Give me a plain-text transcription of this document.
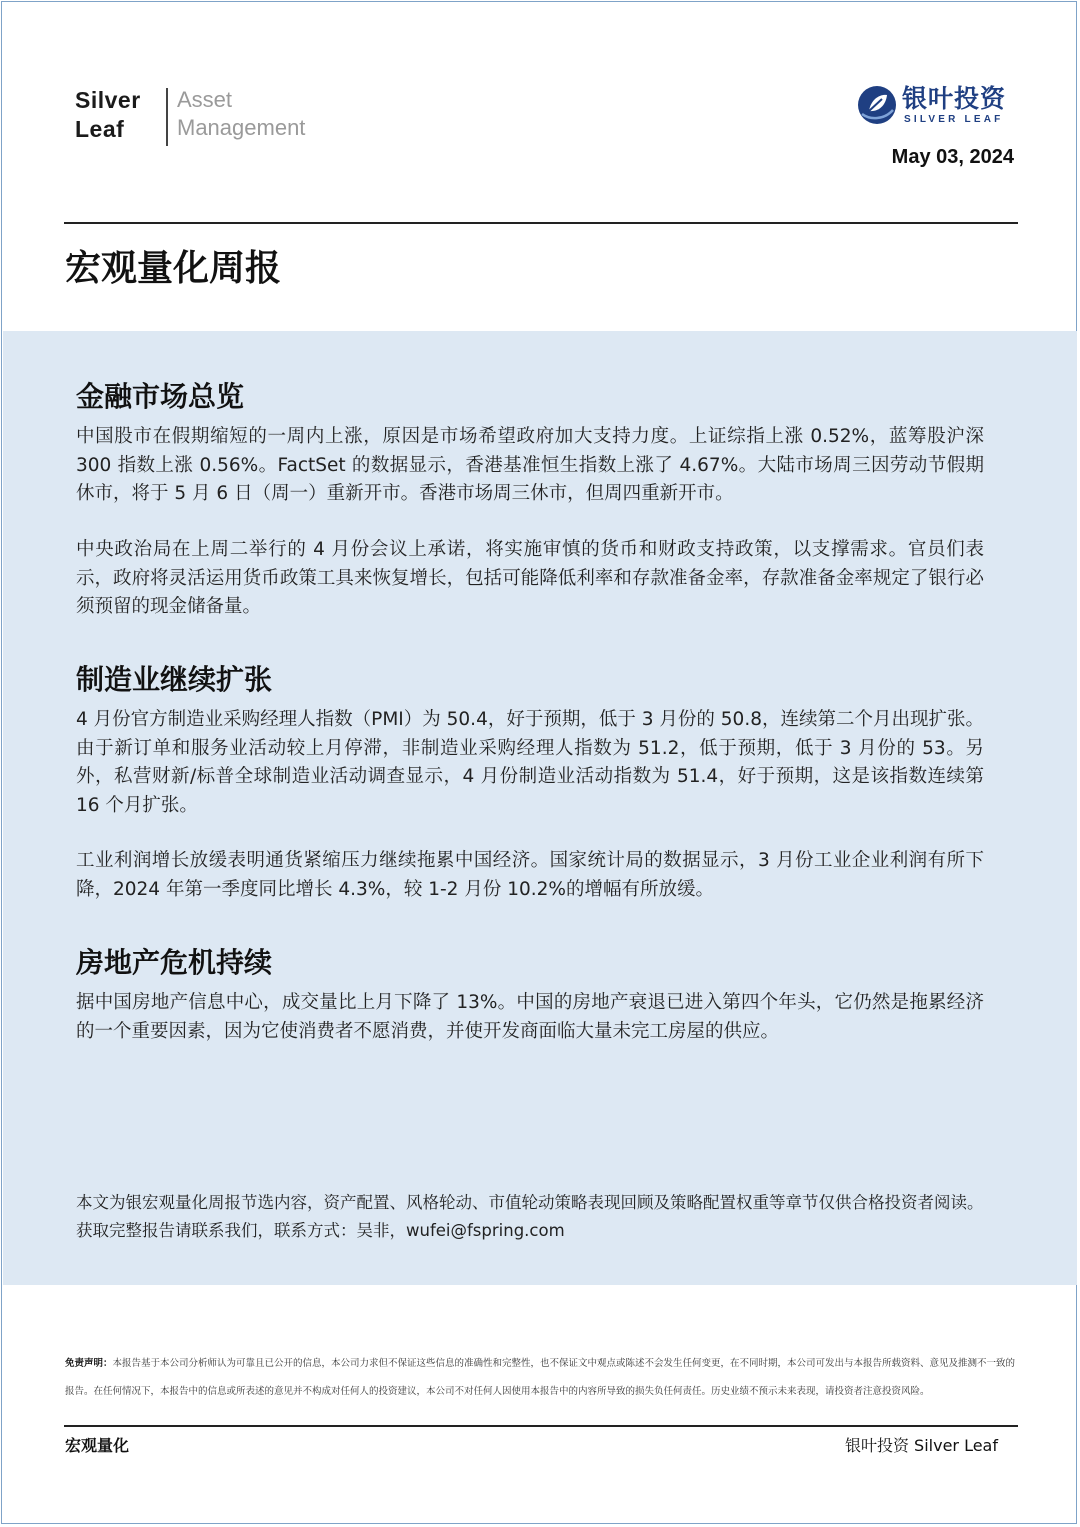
Silver
Leaf
Asset
Management
银叶投资
SILVER LEAF
May 03, 2024
宏观量化周报
金融市场总览
中国股市在假期缩短的一周内上涨，原因是市场希望政府加大支持力度。上证综指上涨 0.52%，蓝筹股沪深 300 指数上涨 0.56%。FactSet 的数据显示，香港基准恒生指数上涨了 4.67%。大陆市场周三因劳动节假期休市，将于 5 月 6 日（周一）重新开市。香港市场周三休市，但周四重新开市。
中央政治局在上周二举行的 4 月份会议上承诺，将实施审慎的货币和财政支持政策，以支撑需求。官员们表示，政府将灵活运用货币政策工具来恢复增长，包括可能降低利率和存款准备金率，存款准备金率规定了银行必须预留的现金储备量。
制造业继续扩张
4 月份官方制造业采购经理人指数（PMI）为 50.4，好于预期，低于 3 月份的 50.8，连续第二个月出现扩张。由于新订单和服务业活动较上月停滞，非制造业采购经理人指数为 51.2，低于预期，低于 3 月份的 53。另外，私营财新/标普全球制造业活动调查显示，4 月份制造业活动指数为 51.4，好于预期，这是该指数连续第 16 个月扩张。
工业利润增长放缓表明通货紧缩压力继续拖累中国经济。国家统计局的数据显示，3 月份工业企业利润有所下降，2024 年第一季度同比增长 4.3%，较 1-2 月份 10.2%的增幅有所放缓。
房地产危机持续
据中国房地产信息中心，成交量比上月下降了 13%。中国的房地产衰退已进入第四个年头，它仍然是拖累经济的一个重要因素，因为它使消费者不愿消费，并使开发商面临大量未完工房屋的供应。
本文为银宏观量化周报节选内容，资产配置、风格轮动、市值轮动策略表现回顾及策略配置权重等章节仅供合格投资者阅读。获取完整报告请联系我们，联系方式：吴非，wufei@fspring.com
免责声明：本报告基于本公司分析师认为可靠且已公开的信息，本公司力求但不保证这些信息的准确性和完整性，也不保证文中观点或陈述不会发生任何变更，在不同时期，本公司可发出与本报告所载资料、意见及推测不一致的报告。在任何情况下，本报告中的信息或所表述的意见并不构成对任何人的投资建议，本公司不对任何人因使用本报告中的内容所导致的损失负任何责任。历史业绩不预示未来表现，请投资者注意投资风险。
宏观量化	银叶投资 Silver Leaf
